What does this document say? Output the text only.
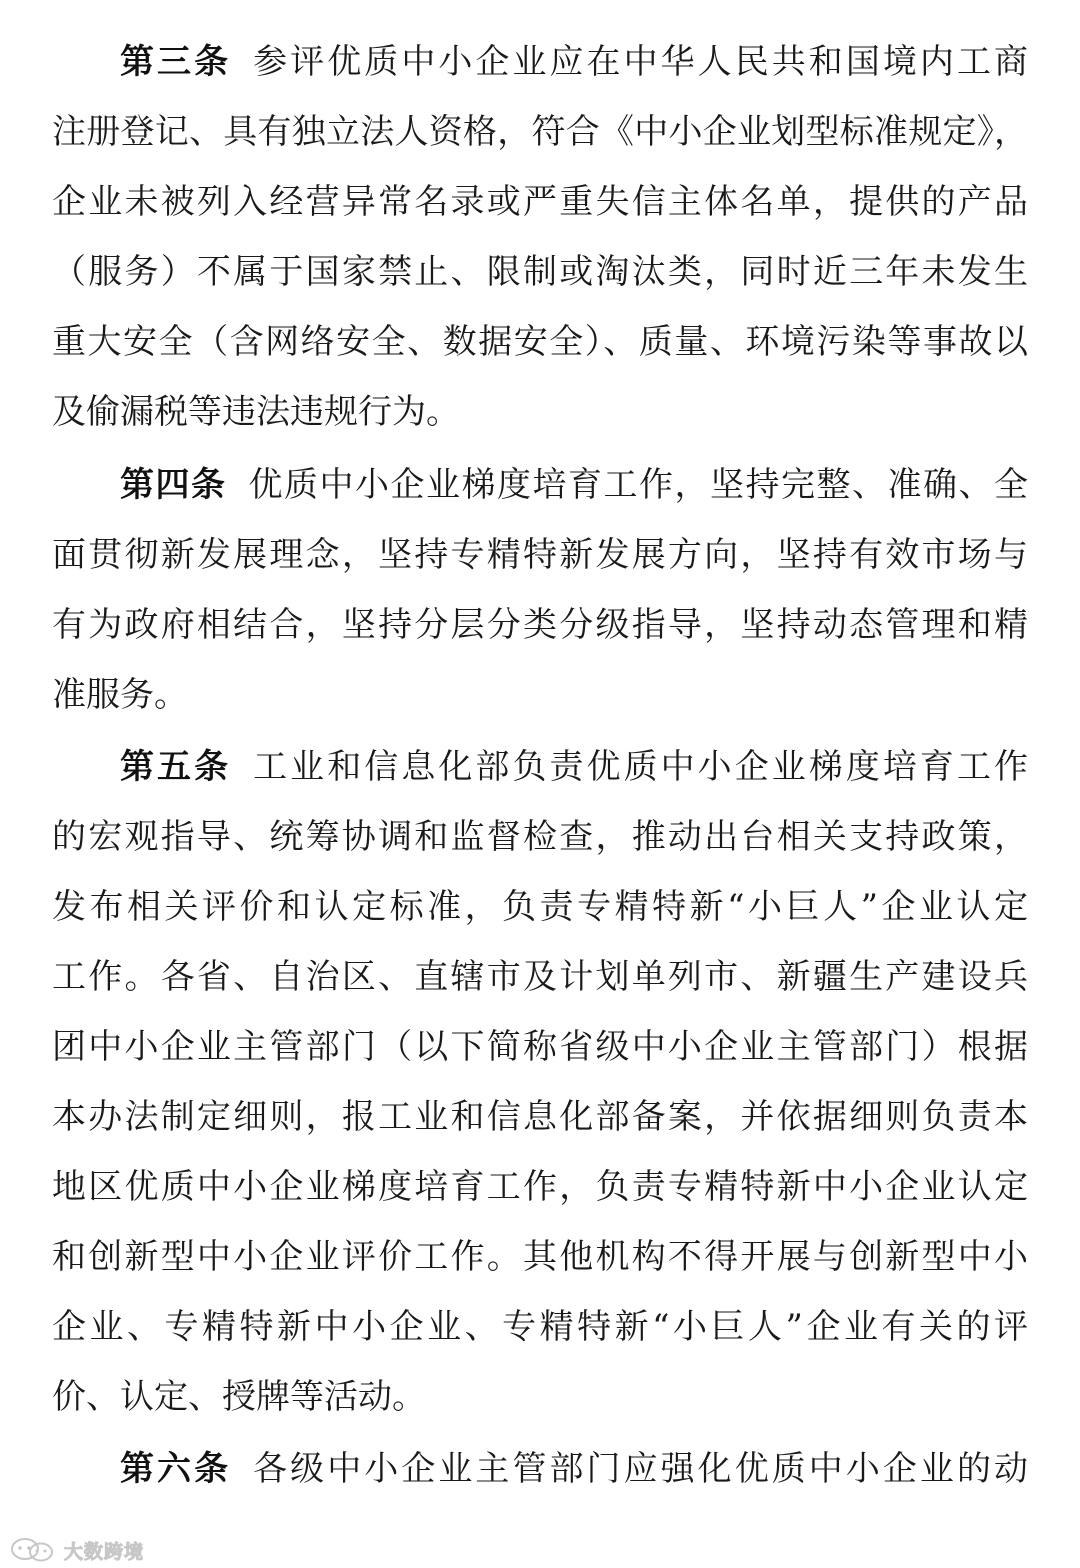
第三条 参评优质中小企业应在中华人民共和国境内工商
注册登记、具有独立法人资格，符合《中小企业划型标准规定》，
企业未被列入经营异常名录或严重失信主体名单，提供的产品
（服务）不属于国家禁止、限制或淘汰类，同时近三年未发生
重大安全（含网络安全、数据安全）、质量、环境污染等事故以
及偷漏税等违法违规行为。
第四条 优质中小企业梯度培育工作，坚持完整、准确、全
面贯彻新发展理念，坚持专精特新发展方向，坚持有效市场与
有为政府相结合，坚持分层分类分级指导，坚持动态管理和精
准服务。
第五条 工业和信息化部负责优质中小企业梯度培育工作
的宏观指导、统筹协调和监督检查，推动出台相关支持政策，
发布相关评价和认定标准，负责专精特新“小巨人”企业认定
工作。各省、自治区、直辖市及计划单列市、新疆生产建设兵
团中小企业主管部门（以下简称省级中小企业主管部门）根据
本办法制定细则，报工业和信息化部备案，并依据细则负责本
地区优质中小企业梯度培育工作，负责专精特新中小企业认定
和创新型中小企业评价工作。其他机构不得开展与创新型中小
企业、专精特新中小企业、专精特新“小巨人”企业有关的评
价、认定、授牌等活动。
第六条 各级中小企业主管部门应强化优质中小企业的动
大数跨境
